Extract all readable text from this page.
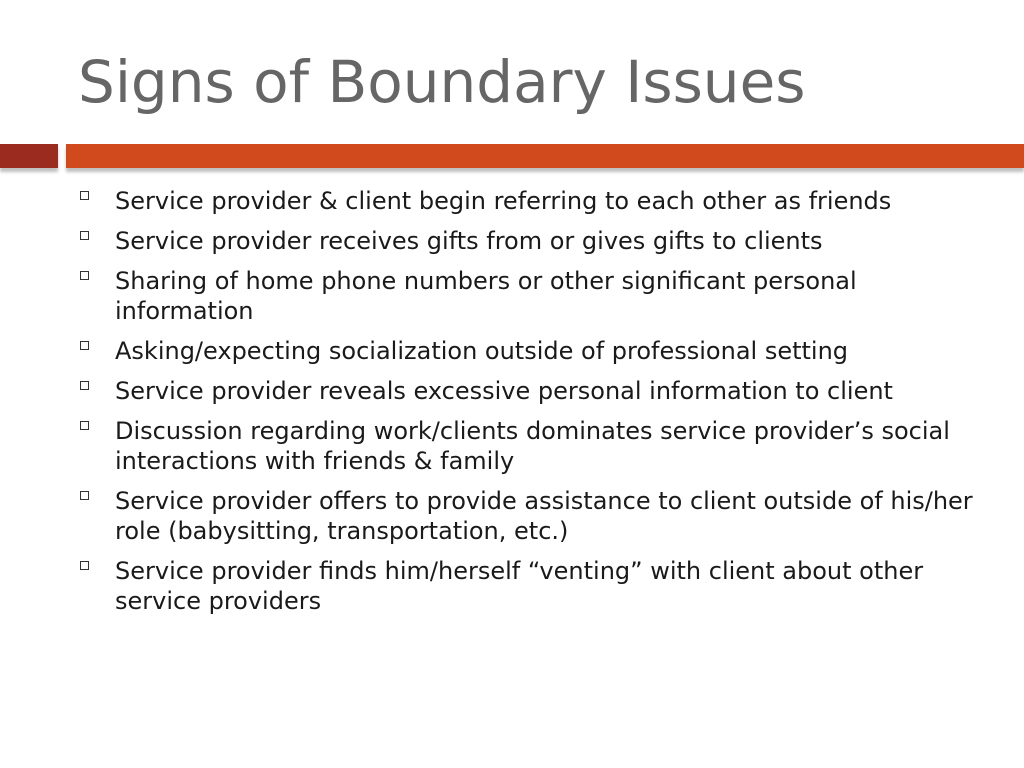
Signs of Boundary Issues
Service provider & client begin referring to each other as friends
Service provider receives gifts from or gives gifts to clients
Sharing of home phone numbers or other significant personal information
Asking/expecting socialization outside of professional setting
Service provider reveals excessive personal information to client
Discussion regarding work/clients dominates service provider’s social interactions with friends & family
Service provider offers to provide assistance to client outside of his/her role (babysitting, transportation, etc.)
Service provider finds him/herself “venting” with client about other service providers
